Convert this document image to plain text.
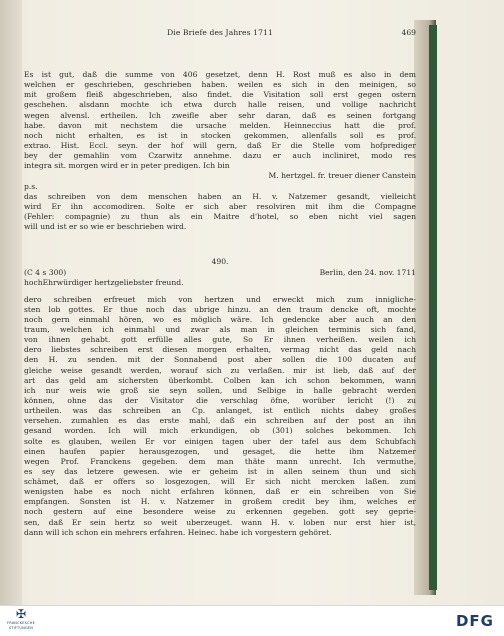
Die Briefe des Jahres 1711	469
Es ist gut, daß die summe von 406 gesetzet, denn H. Rost muß es also in dem
welchen er geschrieben, geschrieben haben. weilen es sich in den meinigen, so
mit großem fleiß abgeschrieben, also findet. die Visitation soll erst gegen ostern
geschehen. alsdann mochte ich etwa durch halle reisen, und vollige nachricht
wegen alvensl. ertheilen. Ich zweifle aber sehr daran, daß es seinen fortgang
habe. davon mit nechstem die ursache melden. Heinneccius hatt die prof.
noch nicht erhalten, es ist in stocken gekommen, allenfalls soll es prof.
extrao. Hist. Eccl. seyn. der hof will gern, daß Er die Stelle vom hofprediger
bey der gemahlin vom Czarwitz annehme. dazu er auch incliniret, modo res
integra sit. morgen wird er in peter predigen. Ich bin
M. hertzgel. fr. treuer diener Canstein
p.s.
das schreiben von dem menschen haben an H. v. Natzemer gesandt, vielleicht
wird Er ihn accomodiren. Solte er sich aber resolviren mit ihm die Compagne
(Fehler: compagnie) zu thun als ein Maitre d'hotel, so eben nicht viel sagen
will und ist er so wie er beschrieben wird.
490.
(C 4 s 300)	Berlin, den 24. nov. 1711
hochEhrwürdiger hertzgeliebster freund.
dero schreiben erfreuet mich von hertzen und erweckt mich zum innigliche-
sten lob gottes. Er thue noch das ubrige hinzu. an den traum dencke oft, mochte
noch gern einmahl hören, wo es möglich wäre. Ich gedencke aber auch an den
traum, welchen ich einmahl und zwar als man in gleichen terminis sich fand,
von ihnen gehabt. gott erfülle alles gute, So Er ihnen verheißen. weilen ich
dero liebstes schreiben erst diesen morgen erhalten, vermag nicht das geld nach
den H. zu senden. mit der Sonnabend post aber sollen die 100 ducaten auf
gleiche weise gesandt werden, worauf sich zu verlaßen. mir ist lieb, daß auf der
art das geld am sichersten überkombt. Colben kan ich schon bekommen, wann
ich nur weis wie groß sie seyn sollen, und Selbige in halle gebracht werden
können, ohne das der Visitator die verschlag öfne, worüber lericht (!) zu
urtheilen. was das schreiben an Cp. anlanget, ist entlich nichts dabey großes
versehen. zumahlen es das erste mahl, daß ein schreiben auf der post an ihn
gesand worden. Ich will mich erkundigen, ob (301) solches bekommen. Ich
solte es glauben, weilen Er vor einigen tagen uber der tafel aus dem Schubfach
einen haufen papier herausgezogen, und gesaget, die hette ihm Natzemer
wegen Prof. Franckens gegeben. dem man thäte mann unrecht. Ich vermuthe,
es sey das letzere gewesen. wie er geheim ist in allen seinem thun und sich
schämet, daß er offers so losgezogen, will Er sich nicht mercken laßen. zum
wenigsten habe es noch nicht erfahren können, daß er ein schreiben von Sie
empfangen. Sonsten ist H. v. Natzemer in großem credit bey ihm, welches er
noch gestern auf eine besondere weise zu erkennen gegeben. gott sey geprie-
sen, daß Er sein hertz so weit uberzeuget. wann H. v. loben nur erst hier ist,
dann will ich schon ein mehrers erfahren. Heinec. habe ich vorgestern gehöret.
✠
FRANCKESCHE
STIFTUNGEN	DFG
